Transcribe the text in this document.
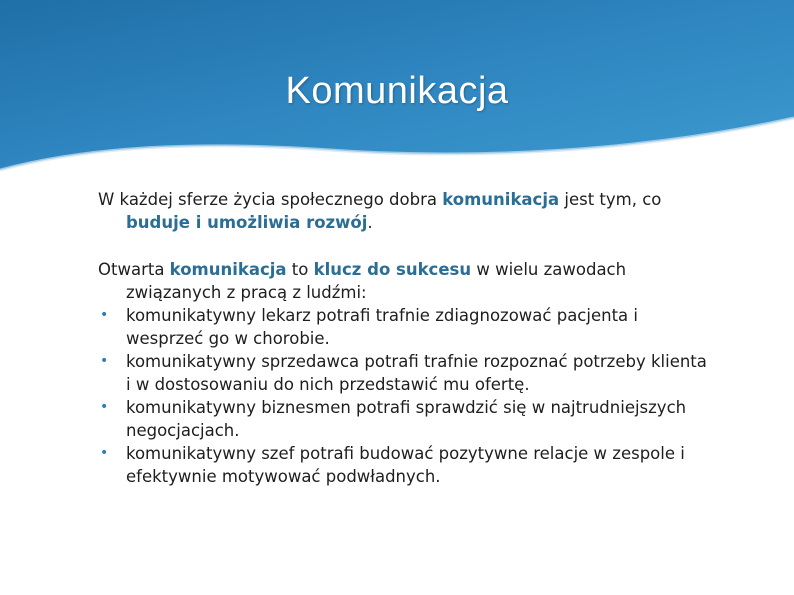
Komunikacja

W każdej sferze życia społecznego dobra komunikacja jest tym, co buduje i umożliwia rozwój.

Otwarta komunikacja to klucz do sukcesu w wielu zawodach związanych z pracą z ludźmi:

• komunikatywny lekarz potrafi trafnie zdiagnozować pacjenta i wesprzeć go w chorobie.
• komunikatywny sprzedawca potrafi trafnie rozpoznać potrzeby klienta i w dostosowaniu do nich przedstawić mu ofertę.
• komunikatywny biznesmen potrafi sprawdzić się w najtrudniejszych negocjacjach.
• komunikatywny szef potrafi budować pozytywne relacje w zespole i efektywnie motywować podwładnych.
